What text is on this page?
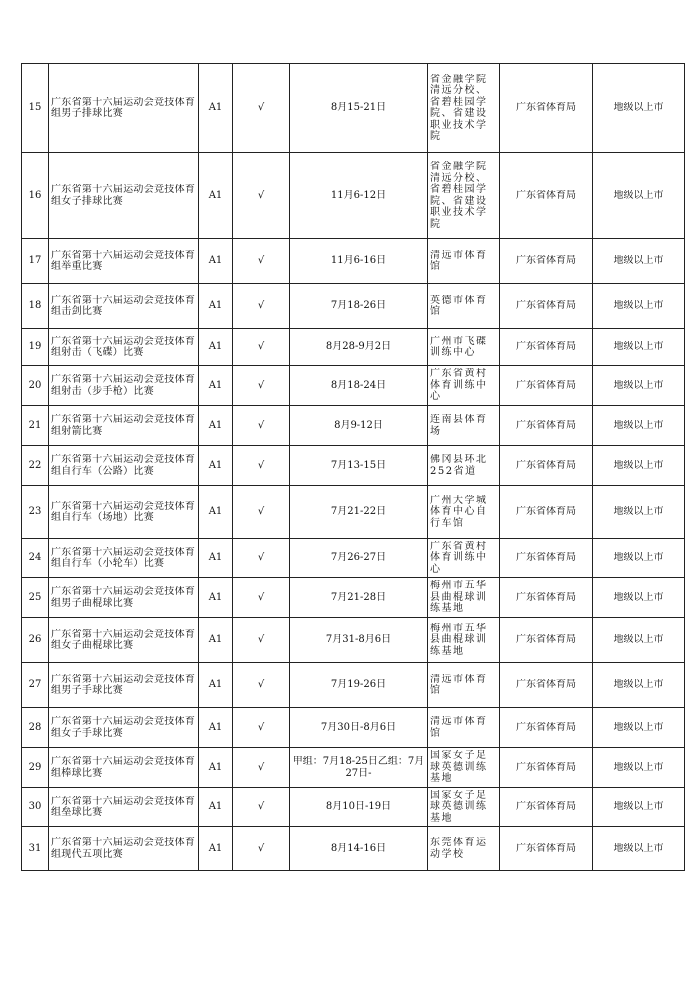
15	广东省第十六届运动会竞技体育组男子排球比赛	A1	√	8月15-21日	省金融学院清远分校、省碧桂园学院、省建设职业技术学院	广东省体育局	地级以上市

16	广东省第十六届运动会竞技体育组女子排球比赛	A1	√	11月6-12日	省金融学院清远分校、省碧桂园学院、省建设职业技术学院	广东省体育局	地级以上市

17	广东省第十六届运动会竞技体育组举重比赛	A1	√	11月6-16日	清远市体育馆	广东省体育局	地级以上市

18	广东省第十六届运动会竞技体育组击剑比赛	A1	√	7月18-26日	英德市体育馆	广东省体育局	地级以上市

19	广东省第十六届运动会竞技体育组射击（飞碟）比赛	A1	√	8月28-9月2日	广州市飞碟训练中心	广东省体育局	地级以上市

20	广东省第十六届运动会竞技体育组射击（步手枪）比赛	A1	√	8月18-24日	广东省黄村体育训练中心	广东省体育局	地级以上市

21	广东省第十六届运动会竞技体育组射箭比赛	A1	√	8月9-12日	连南县体育场	广东省体育局	地级以上市

22	广东省第十六届运动会竞技体育组自行车（公路）比赛	A1	√	7月13-15日	佛冈县环北252省道	广东省体育局	地级以上市

23	广东省第十六届运动会竞技体育组自行车（场地）比赛	A1	√	7月21-22日	广州大学城体育中心自行车馆	广东省体育局	地级以上市

24	广东省第十六届运动会竞技体育组自行车（小轮车）比赛	A1	√	7月26-27日	广东省黄村体育训练中心	广东省体育局	地级以上市

25	广东省第十六届运动会竞技体育组男子曲棍球比赛	A1	√	7月21-28日	梅州市五华县曲棍球训练基地	广东省体育局	地级以上市

26	广东省第十六届运动会竞技体育组女子曲棍球比赛	A1	√	7月31-8月6日	梅州市五华县曲棍球训练基地	广东省体育局	地级以上市

27	广东省第十六届运动会竞技体育组男子手球比赛	A1	√	7月19-26日	清远市体育馆	广东省体育局	地级以上市

28	广东省第十六届运动会竞技体育组女子手球比赛	A1	√	7月30日-8月6日	清远市体育馆	广东省体育局	地级以上市

29	广东省第十六届运动会竞技体育组棒球比赛	A1	√	甲组：7月18-25日乙组：7月27日-	国家女子足球英德训练基地	广东省体育局	地级以上市

30	广东省第十六届运动会竞技体育组垒球比赛	A1	√	8月10日-19日	国家女子足球英德训练基地	广东省体育局	地级以上市

31	广东省第十六届运动会竞技体育组现代五项比赛	A1	√	8月14-16日	东莞体育运动学校	广东省体育局	地级以上市
